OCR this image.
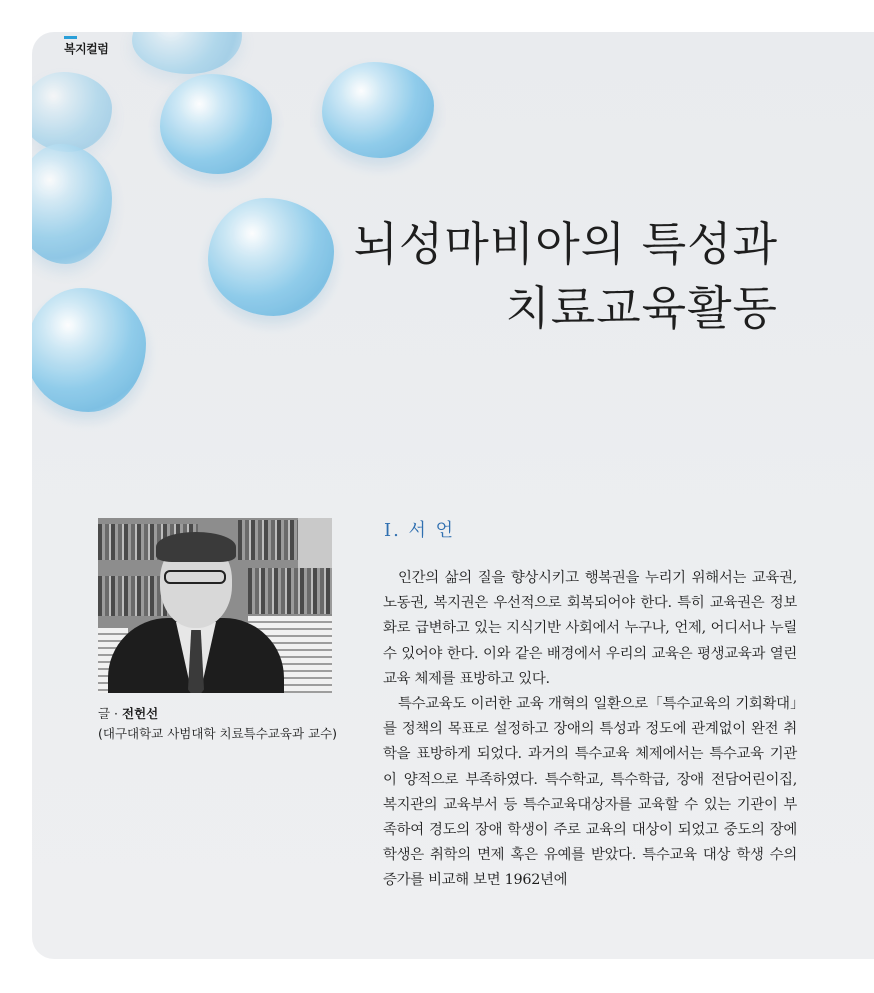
복지컬럼
뇌성마비아의 특성과
치료교육활동
글 · 전헌선
(대구대학교 사범대학 치료특수교육과 교수)
Ⅰ. 서 언

인간의 삶의 질을 향상시키고 행복권을 누리기 위해서는 교육권, 노동권, 복지권은 우선적으로 회복되어야 한다. 특히 교육권은 정보화로 급변하고 있는 지식기반 사회에서 누구나, 언제, 어디서나 누릴 수 있어야 한다. 이와 같은 배경에서 우리의 교육은 평생교육과 열린교육 체제를 표방하고 있다.

특수교육도 이러한 교육 개혁의 일환으로「특수교육의 기회확대」를 정책의 목표로 설정하고 장애의 특성과 정도에 관계없이 완전 취학을 표방하게 되었다. 과거의 특수교육 체제에서는 특수교육 기관이 양적으로 부족하였다. 특수학교, 특수학급, 장애 전담어린이집, 복지관의 교육부서 등 특수교육대상자를 교육할 수 있는 기관이 부족하여 경도의 장애 학생이 주로 교육의 대상이 되었고 중도의 장에 학생은 취학의 면제 혹은 유예를 받았다. 특수교육 대상 학생 수의 증가를 비교해 보면 1962년에
